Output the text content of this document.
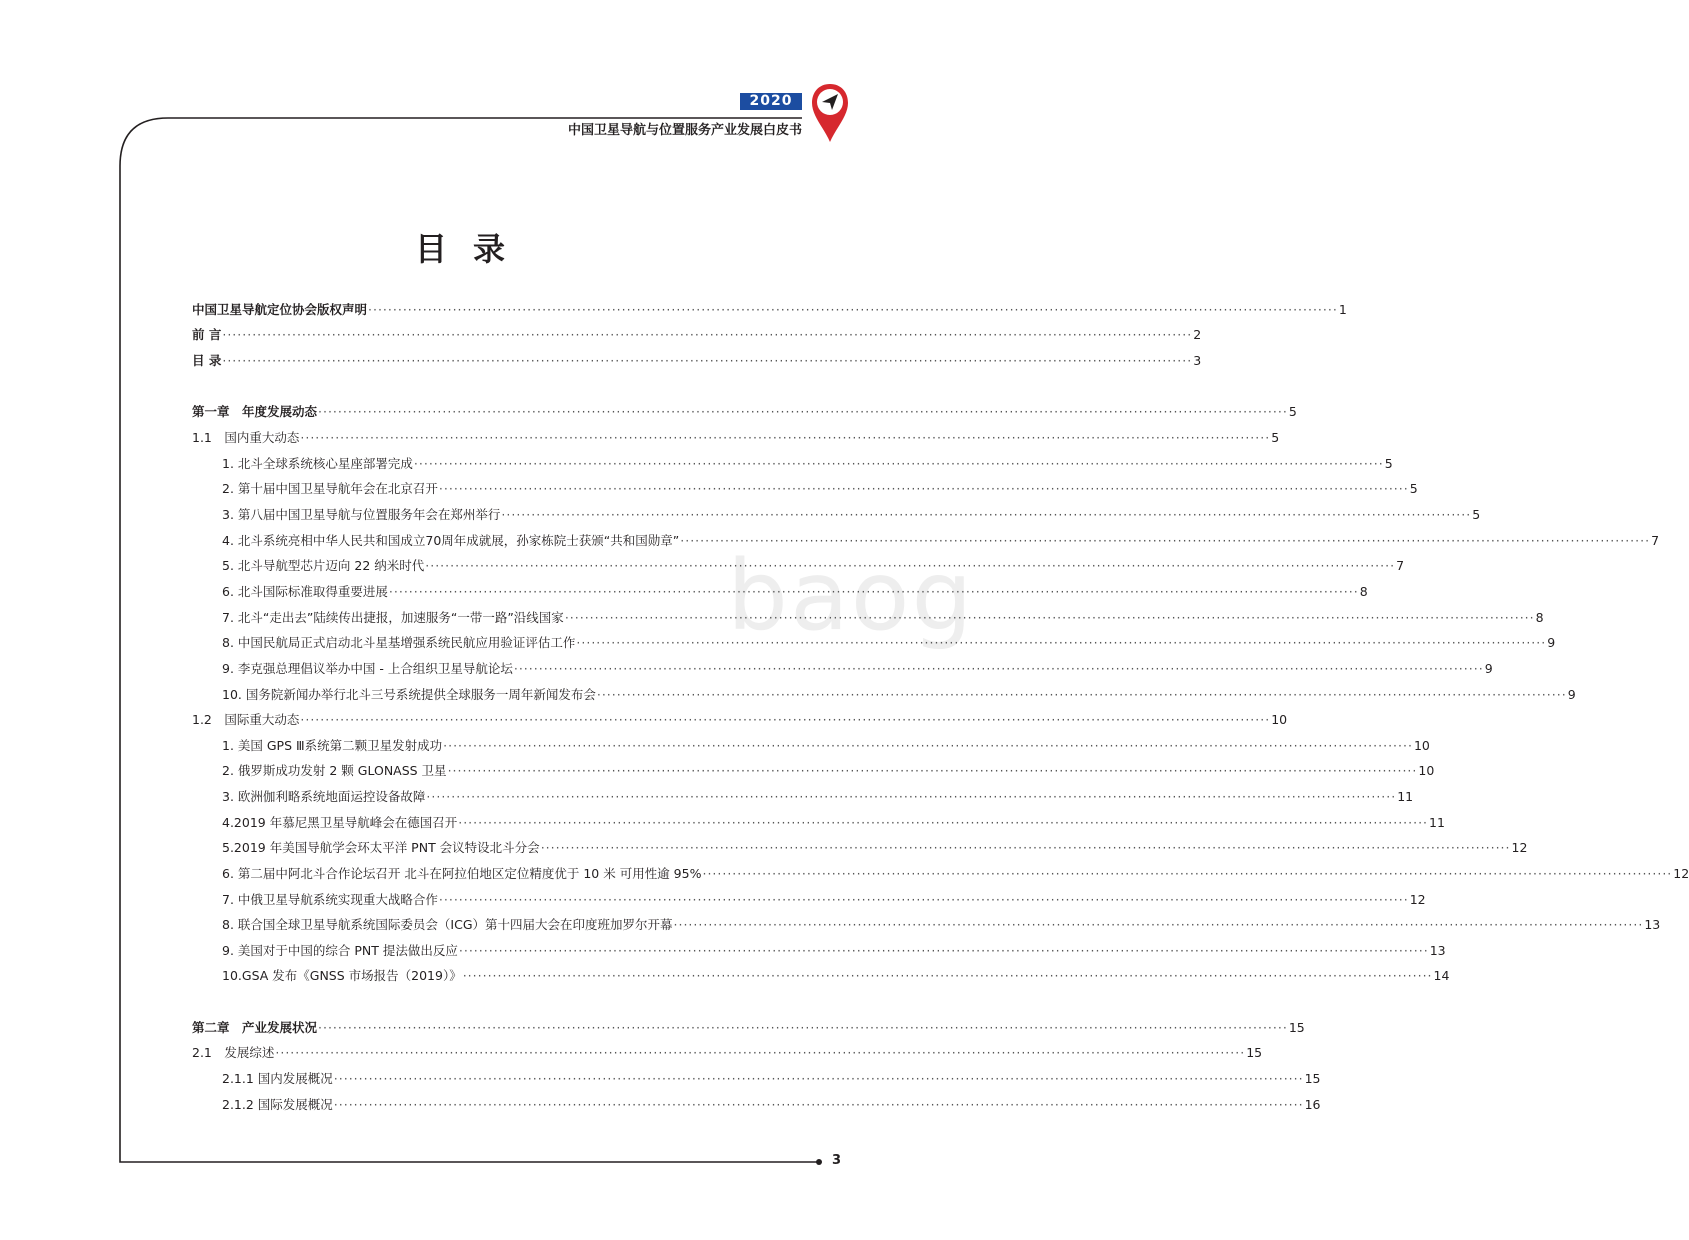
2020
中国卫星导航与位置服务产业发展白皮书
目录
baog
中国卫星导航定位协会版权声明 ·····	1
前 言 ·····	2
目 录 ·····	3
第一章　年度发展动态 ·····	5
1.1　国内重大动态 ·····	5
1. 北斗全球系统核心星座部署完成 ·····	5
2. 第十届中国卫星导航年会在北京召开 ·····	5
3. 第八届中国卫星导航与位置服务年会在郑州举行 ·····	5
4. 北斗系统亮相中华人民共和国成立70周年成就展，孙家栋院士获颁“共和国勋章” ·····	7
5. 北斗导航型芯片迈向 22 纳米时代 ·····	7
6. 北斗国际标准取得重要进展 ·····	8
7. 北斗“走出去”陆续传出捷报，加速服务“一带一路”沿线国家 ·····	8
8. 中国民航局正式启动北斗星基增强系统民航应用验证评估工作 ·····	9
9. 李克强总理倡议举办中国 - 上合组织卫星导航论坛 ·····	9
10. 国务院新闻办举行北斗三号系统提供全球服务一周年新闻发布会 ·····	9
1.2　国际重大动态 ·····	10
1. 美国 GPS Ⅲ系统第二颗卫星发射成功 ·····	10
2. 俄罗斯成功发射 2 颗 GLONASS 卫星 ·····	10
3. 欧洲伽利略系统地面运控设备故障 ·····	11
4.2019 年慕尼黑卫星导航峰会在德国召开 ·····	11
5.2019 年美国导航学会环太平洋 PNT 会议特设北斗分会 ·····	12
6. 第二届中阿北斗合作论坛召开 北斗在阿拉伯地区定位精度优于 10 米 可用性逾 95% ·····	12
7. 中俄卫星导航系统实现重大战略合作 ·····	12
8. 联合国全球卫星导航系统国际委员会（ICG）第十四届大会在印度班加罗尔开幕 ·····	13
9. 美国对于中国的综合 PNT 提法做出反应 ·····	13
10.GSA 发布《GNSS 市场报告（2019）》 ·····	14
第二章　产业发展状况 ·····	15
2.1　发展综述 ·····	15
2.1.1 国内发展概况 ·····	15
2.1.2 国际发展概况 ·····	16
3
